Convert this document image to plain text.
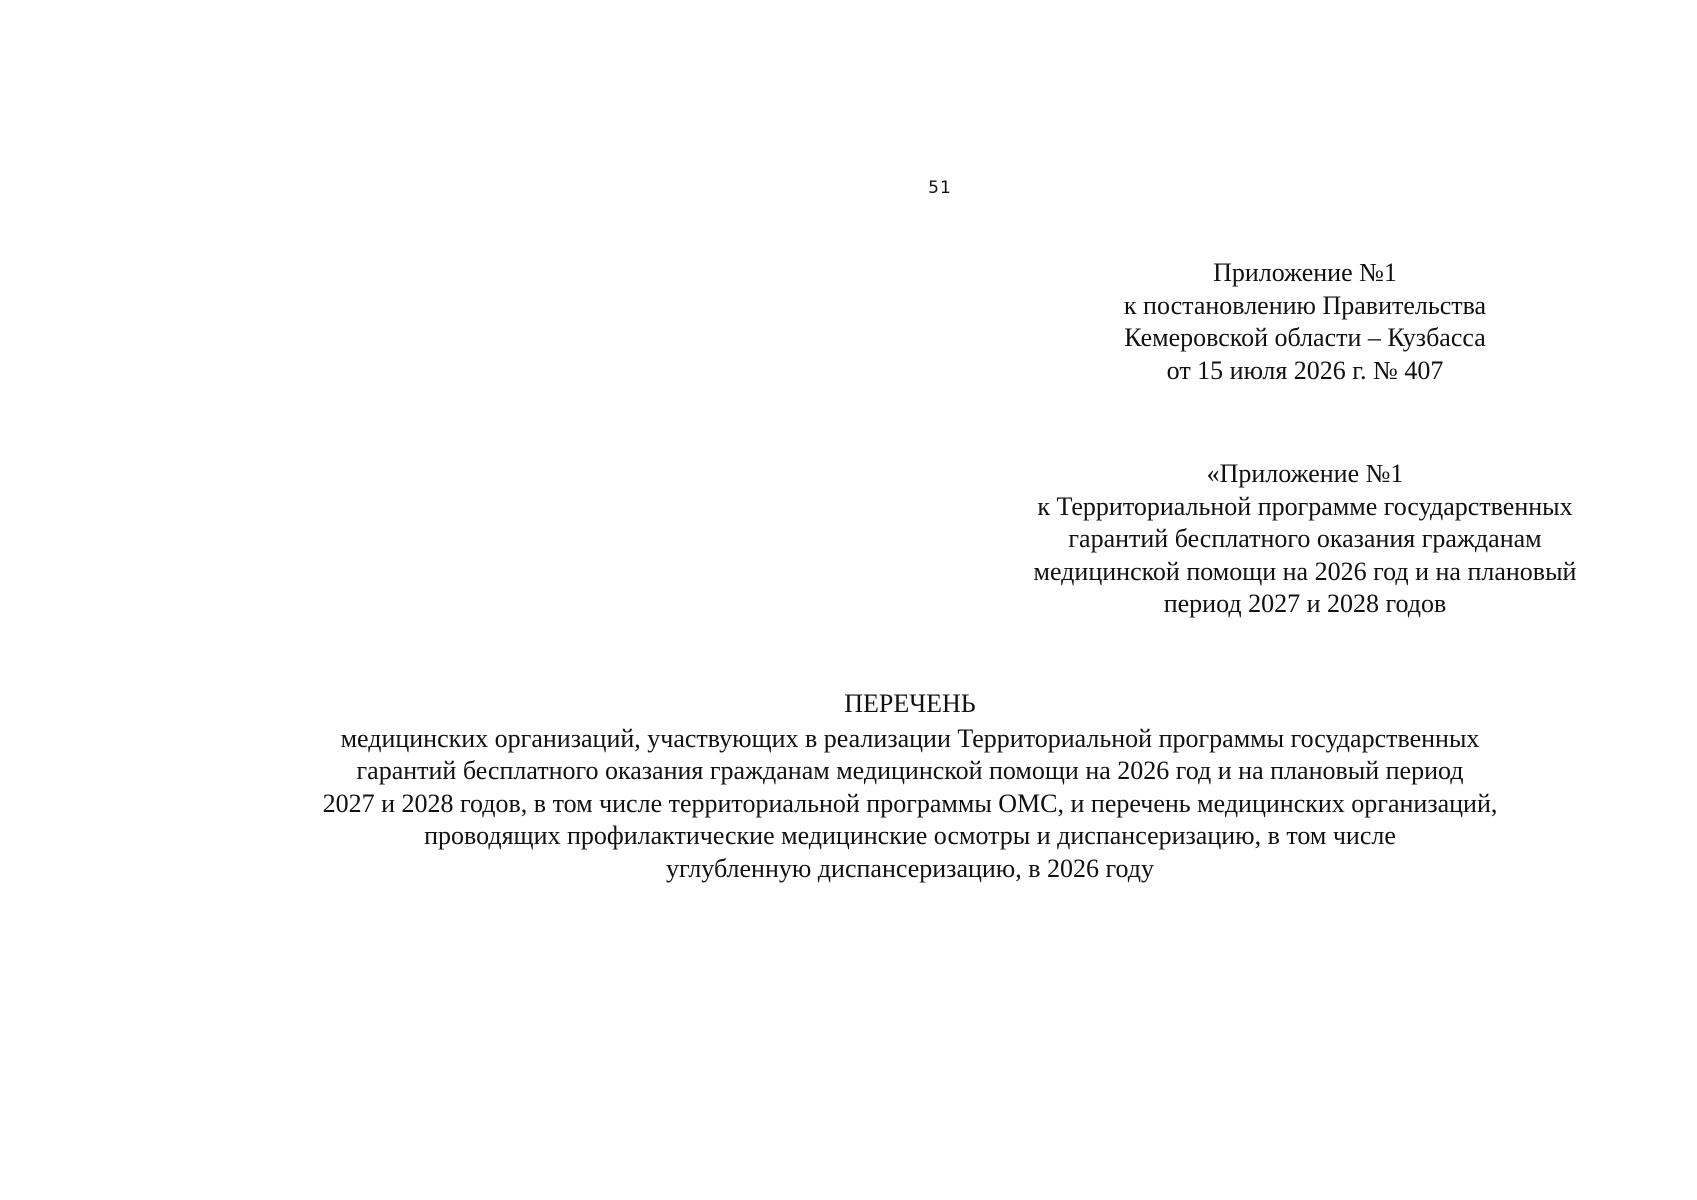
51
Приложение №1
к постановлению Правительства
Кемеровской области – Кузбасса
от 15 июля 2026 г. № 407
«Приложение №1
к Территориальной программе государственных
гарантий бесплатного оказания гражданам
медицинской помощи на 2026 год и на плановый
период 2027 и 2028 годов
ПЕРЕЧЕНЬ
медицинских организаций, участвующих в реализации Территориальной программы государственных
гарантий бесплатного оказания гражданам медицинской помощи на 2026 год и на плановый период
2027 и 2028 годов, в том числе территориальной программы ОМС, и перечень медицинских организаций,
проводящих профилактические медицинские осмотры и диспансеризацию, в том числе
углубленную диспансеризацию, в 2026 году
